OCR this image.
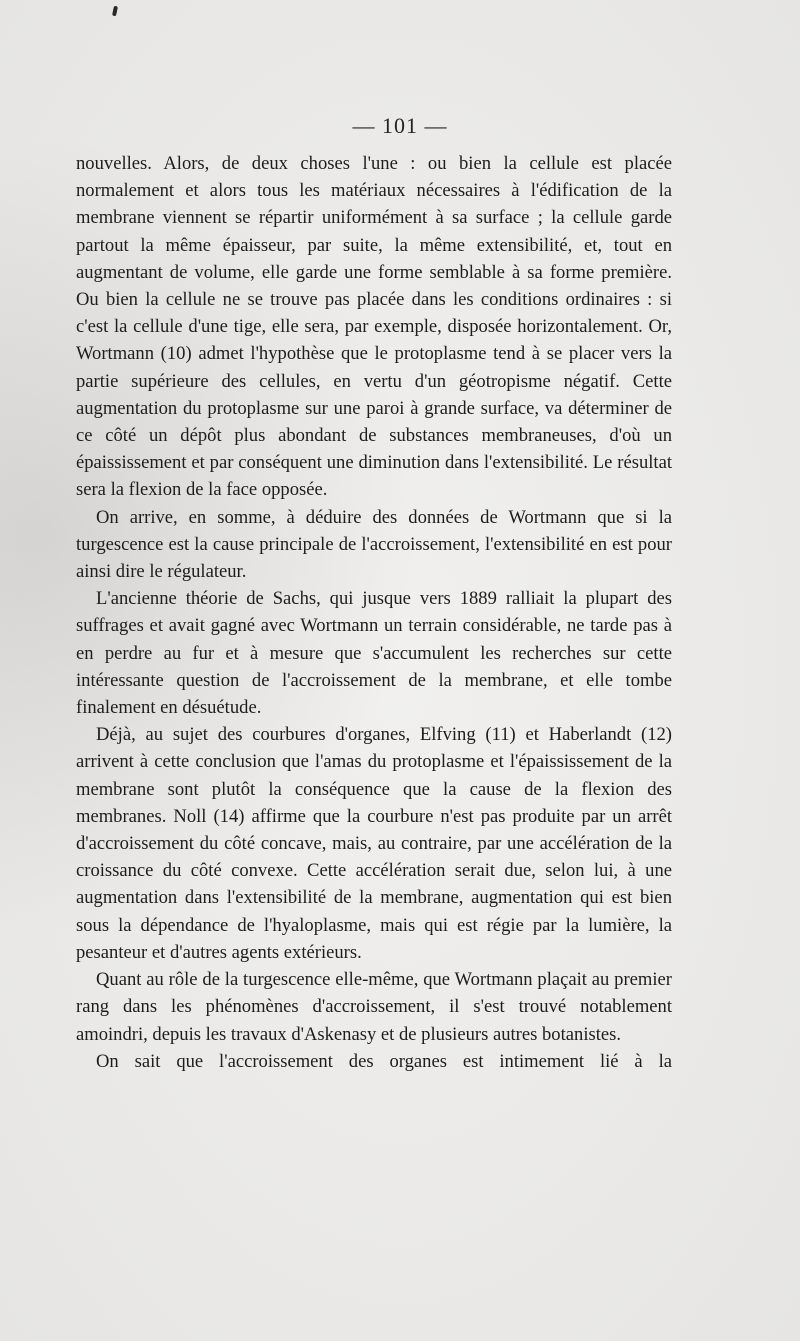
— 101 —

nouvelles. Alors, de deux choses l'une : ou bien la cellule est placée normalement et alors tous les matériaux nécessaires à l'édification de la membrane viennent se répartir uniformément à sa surface ; la cellule garde partout la même épaisseur, par suite, la même extensibilité, et, tout en augmentant de volume, elle garde une forme semblable à sa forme première. Ou bien la cellule ne se trouve pas placée dans les conditions ordinaires : si c'est la cellule d'une tige, elle sera, par exemple, disposée horizontalement. Or, Wortmann (10) admet l'hypothèse que le protoplasme tend à se placer vers la partie supérieure des cellules, en vertu d'un géotropisme négatif. Cette augmentation du protoplasme sur une paroi à grande surface, va déterminer de ce côté un dépôt plus abondant de substances membraneuses, d'où un épaississement et par conséquent une diminution dans l'extensibilité. Le résultat sera la flexion de la face opposée.

On arrive, en somme, à déduire des données de Wortmann que si la turgescence est la cause principale de l'accroissement, l'extensibilité en est pour ainsi dire le régulateur.

L'ancienne théorie de Sachs, qui jusque vers 1889 ralliait la plupart des suffrages et avait gagné avec Wortmann un terrain considérable, ne tarde pas à en perdre au fur et à mesure que s'accumulent les recherches sur cette intéressante question de l'accroissement de la membrane, et elle tombe finalement en désuétude.

Déjà, au sujet des courbures d'organes, Elfving (11) et Haberlandt (12) arrivent à cette conclusion que l'amas du protoplasme et l'épaississement de la membrane sont plutôt la conséquence que la cause de la flexion des membranes. Noll (14) affirme que la courbure n'est pas produite par un arrêt d'accroissement du côté concave, mais, au contraire, par une accélération de la croissance du côté convexe. Cette accélération serait due, selon lui, à une augmentation dans l'extensibilité de la membrane, augmentation qui est bien sous la dépendance de l'hyaloplasme, mais qui est régie par la lumière, la pesanteur et d'autres agents extérieurs.

Quant au rôle de la turgescence elle-même, que Wortmann plaçait au premier rang dans les phénomènes d'accroissement, il s'est trouvé notablement amoindri, depuis les travaux d'Askenasy et de plusieurs autres botanistes.

On sait que l'accroissement des organes est intimement lié à la
